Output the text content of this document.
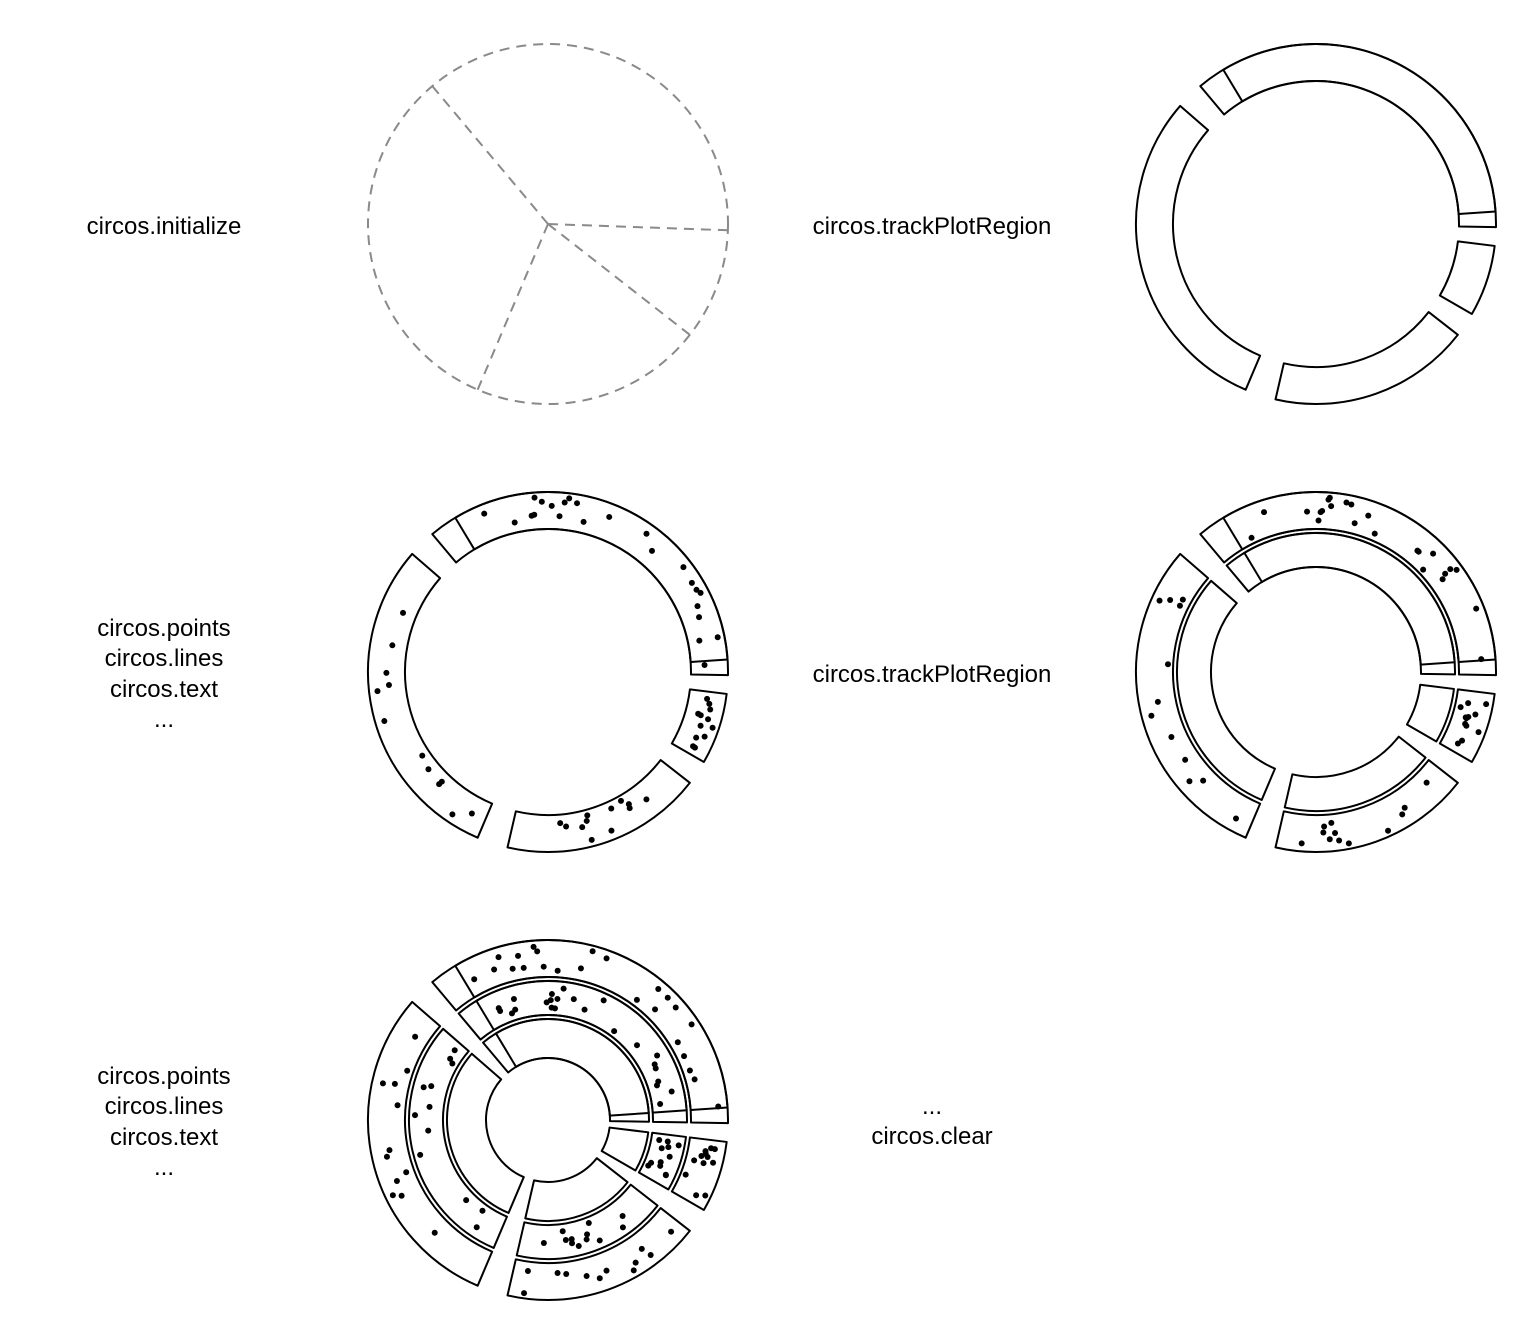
circos.initialize	circos.trackPlotRegion
circos.points
circos.lines
circos.text
...
circos.trackPlotRegion
circos.points
circos.lines
circos.text
...
...
circos.clear
